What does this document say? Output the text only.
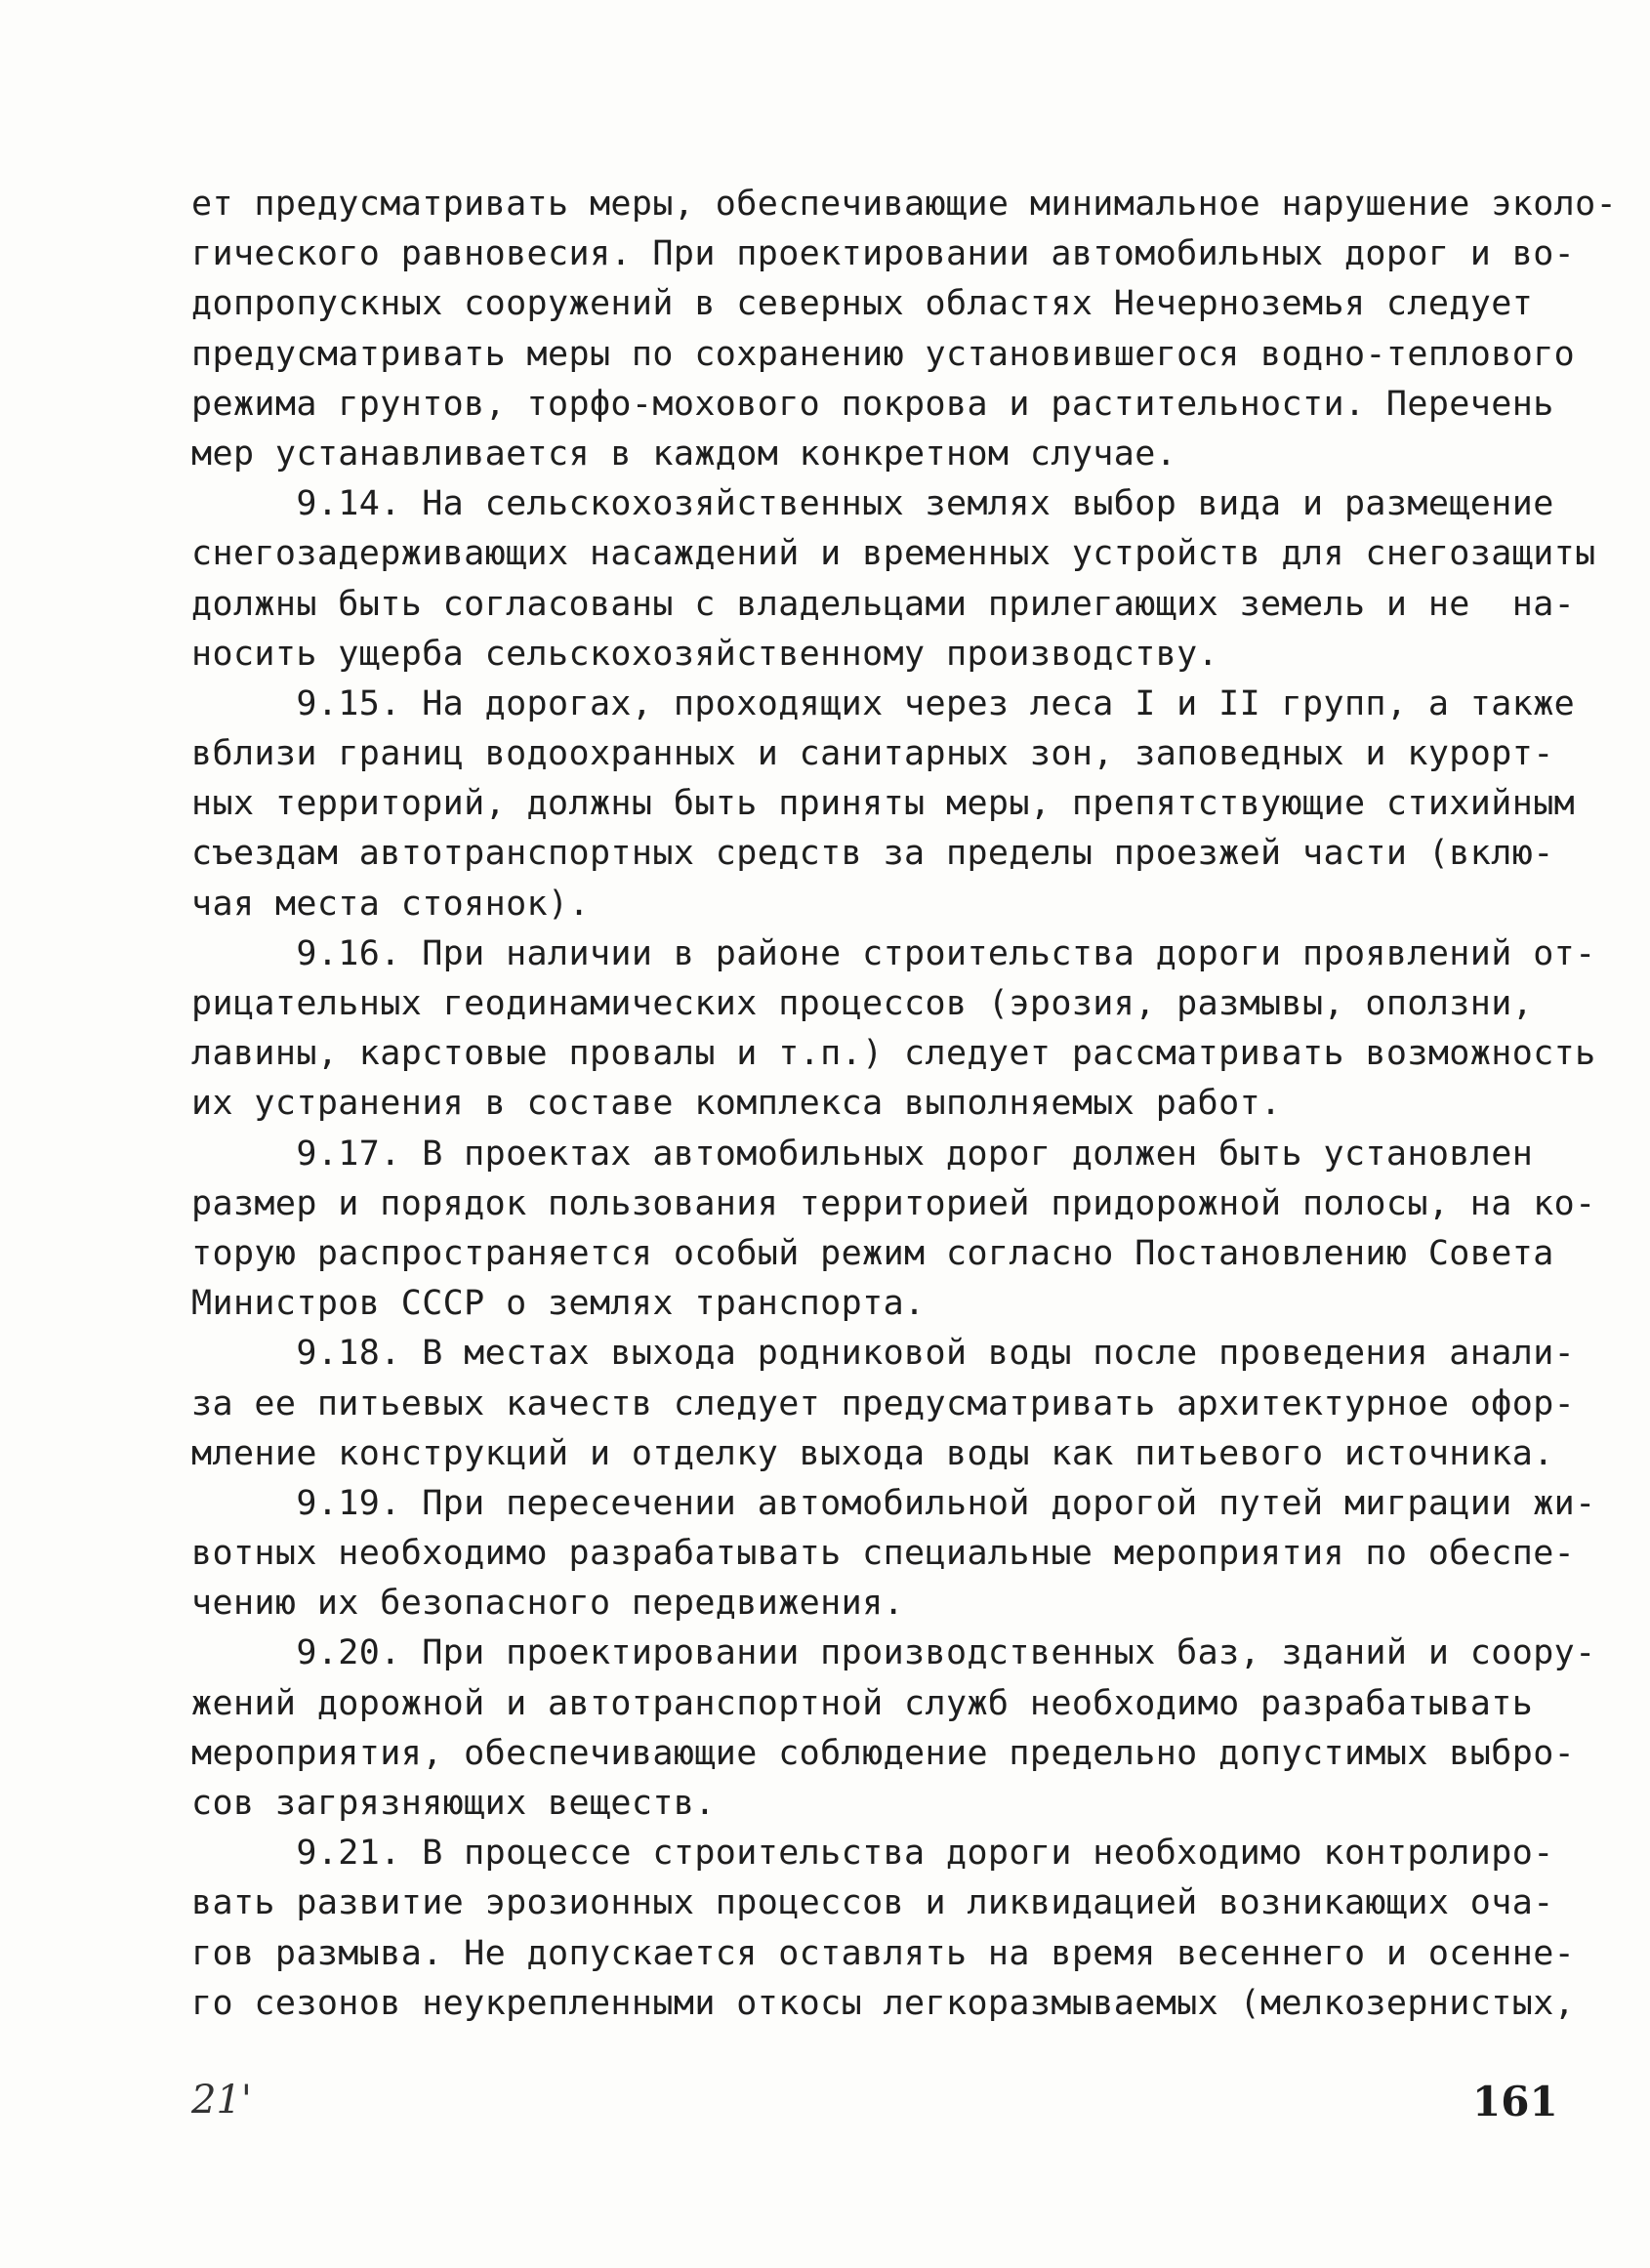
ет предусматривать меры, обеспечивающие минимальное нарушение эколо-
гического равновесия. При проектировании автомобильных дорог и во-
допропускных сооружений в северных областях Нечерноземья следует
предусматривать меры по сохранению установившегося водно-теплового
режима грунтов, торфо-мохового покрова и растительности. Перечень
мер устанавливается в каждом конкретном случае.
9.14. На сельскохозяйственных землях выбор вида и размещение
снегозадерживающих насаждений и временных устройств для снегозащиты
должны быть согласованы с владельцами прилегающих земель и не  на-
носить ущерба сельскохозяйственному производству.
9.15. На дорогах, проходящих через леса I и II групп, а также
вблизи границ водоохранных и санитарных зон, заповедных и курорт-
ных территорий, должны быть приняты меры, препятствующие стихийным
съездам автотранспортных средств за пределы проезжей части (вклю-
чая места стоянок).
9.16. При наличии в районе строительства дороги проявлений от-
рицательных геодинамических процессов (эрозия, размывы, оползни,
лавины, карстовые провалы и т.п.) следует рассматривать возможность
их устранения в составе комплекса выполняемых работ.
9.17. В проектах автомобильных дорог должен быть установлен
размер и порядок пользования территорией придорожной полосы, на ко-
торую распространяется особый режим согласно Постановлению Совета
Министров СССР о землях транспорта.
9.18. В местах выхода родниковой воды после проведения анали-
за ее питьевых качеств следует предусматривать архитектурное офор-
мление конструкций и отделку выхода воды как питьевого источника.
9.19. При пересечении автомобильной дорогой путей миграции жи-
вотных необходимо разрабатывать специальные мероприятия по обеспе-
чению их безопасного передвижения.
9.20. При проектировании производственных баз, зданий и соору-
жений дорожной и автотранспортной служб необходимо разрабатывать
мероприятия, обеспечивающие соблюдение предельно допустимых выбро-
сов загрязняющих веществ.
9.21. В процессе строительства дороги необходимо контролиро-
вать развитие эрозионных процессов и ликвидацией возникающих оча-
гов размыва. Не допускается оставлять на время весеннего и осенне-
го сезонов неукрепленными откосы легкоразмываемых (мелкозернистых,
21'	161
